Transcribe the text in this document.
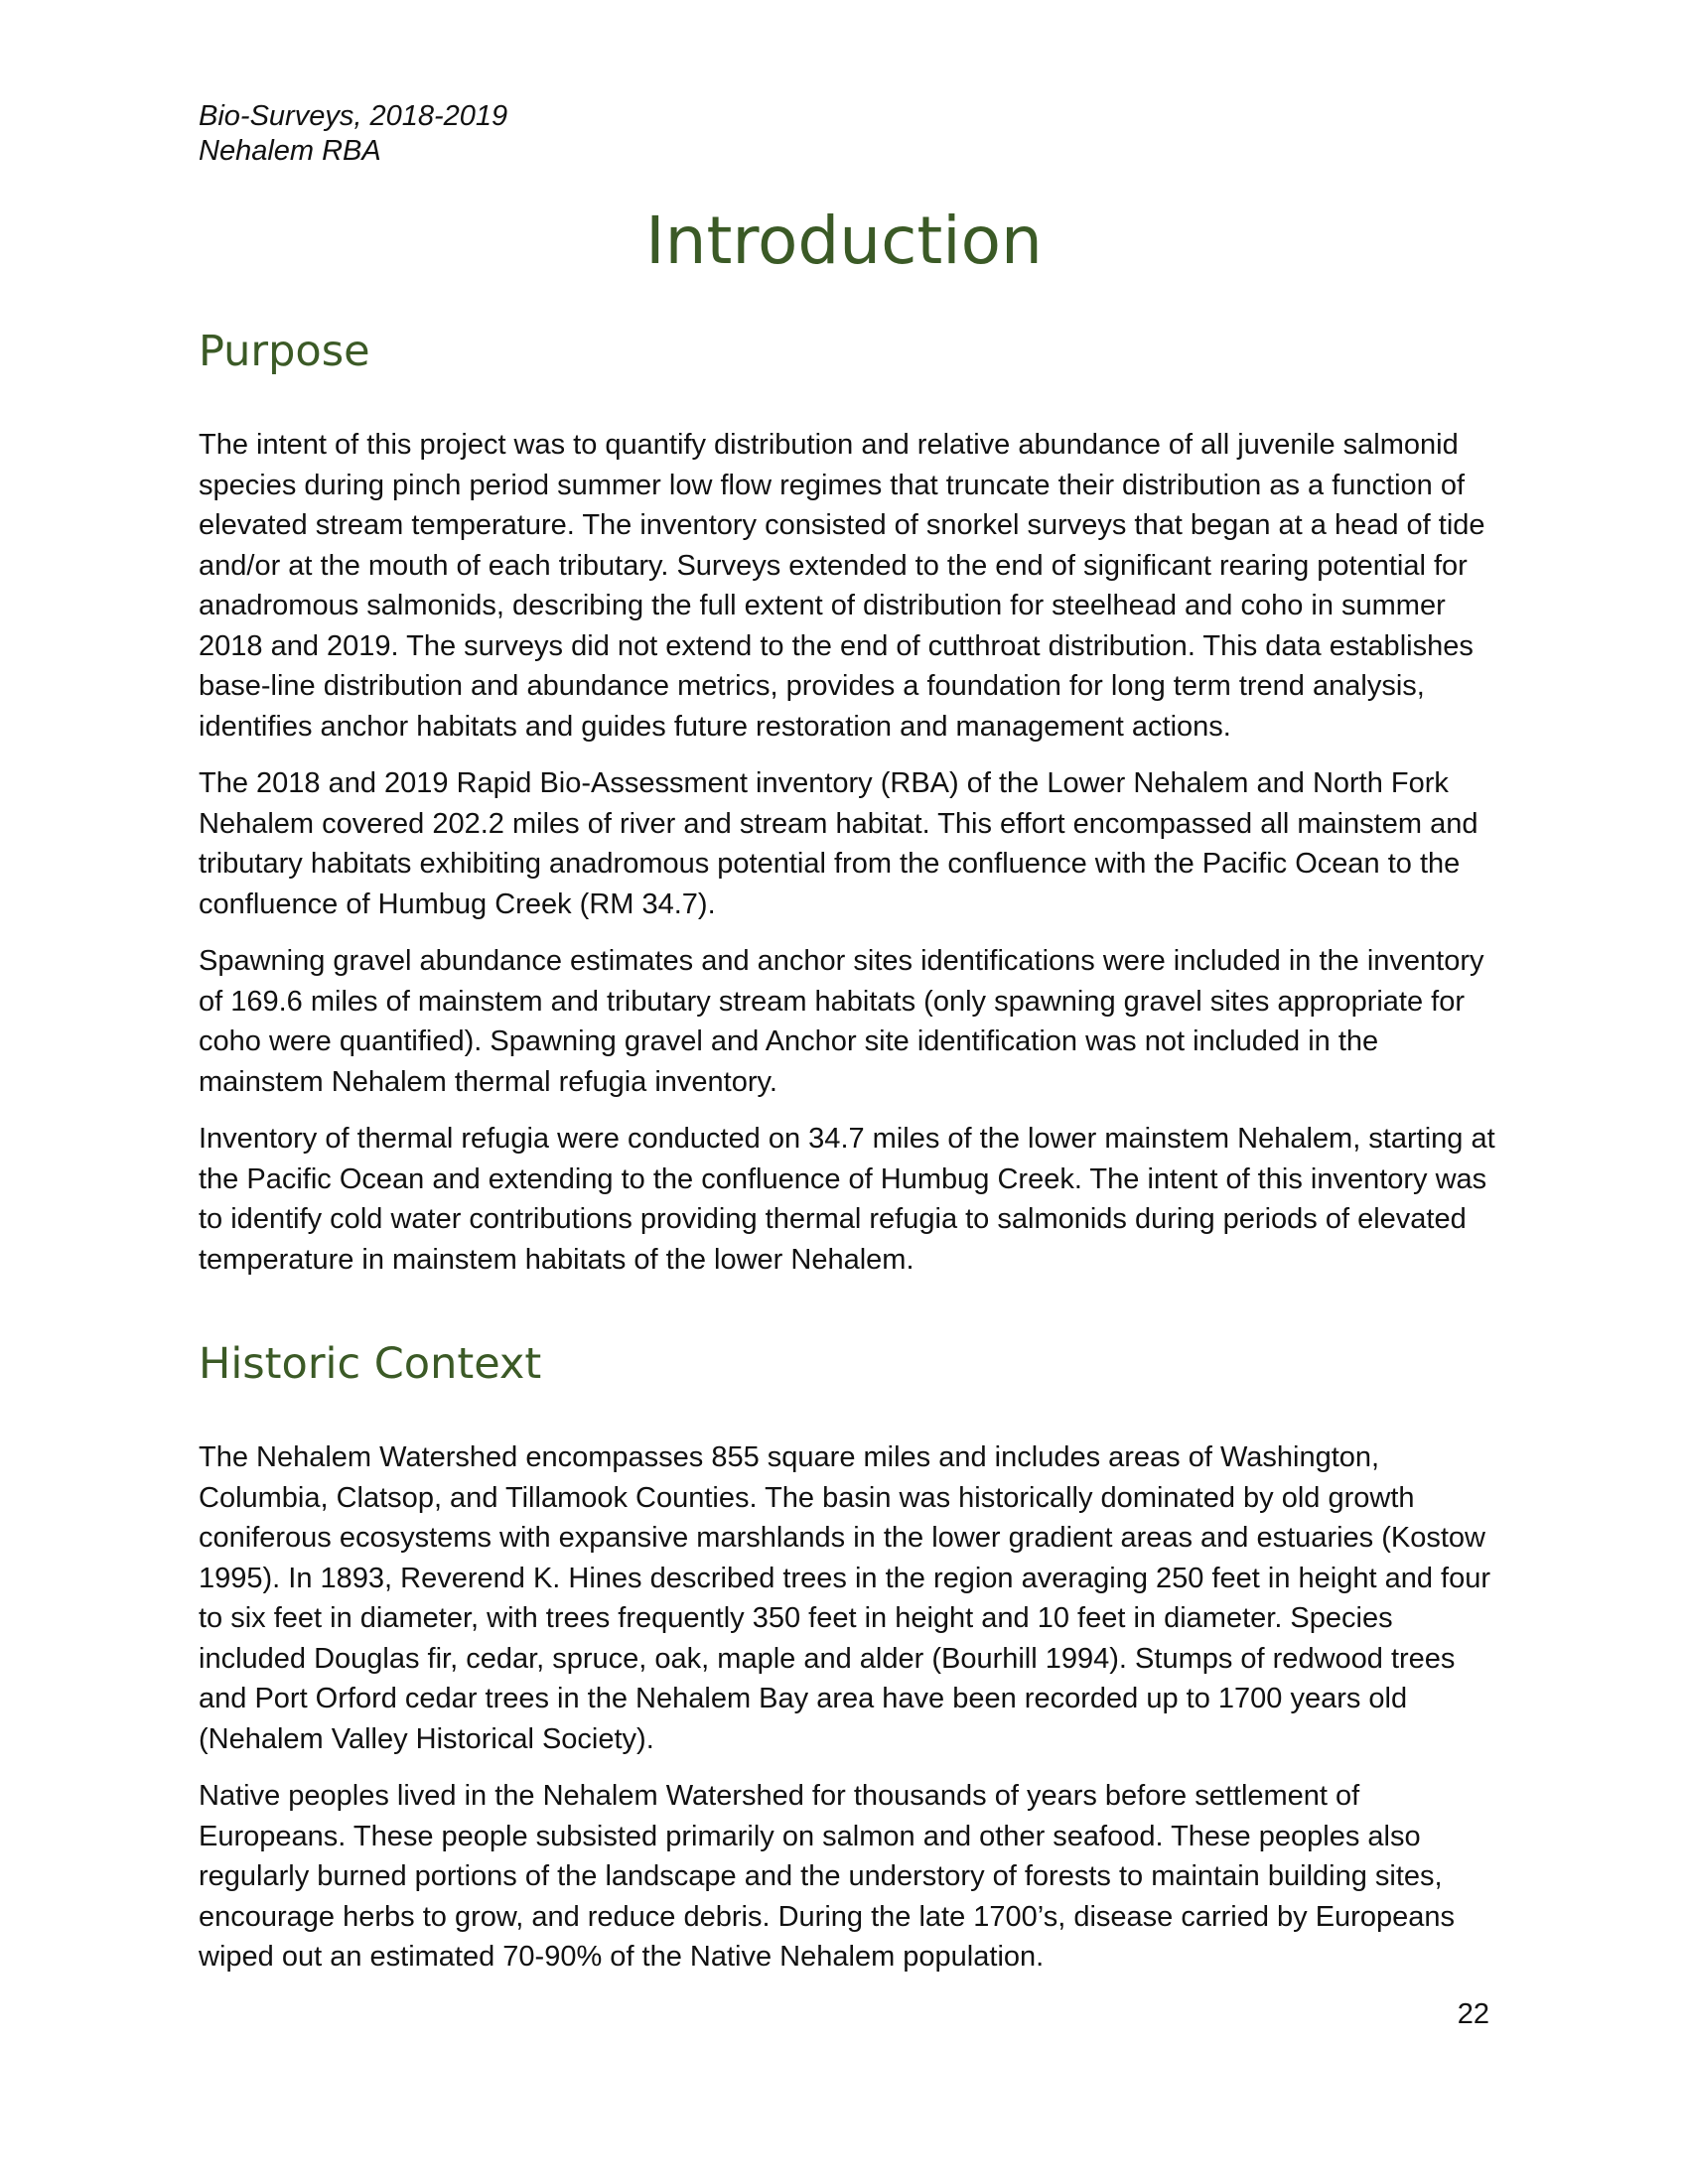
Bio-Surveys, 2018-2019
Nehalem RBA
Introduction
Purpose

The intent of this project was to quantify distribution and relative abundance of all juvenile salmonid species during pinch period summer low flow regimes that truncate their distribution as a function of elevated stream temperature. The inventory consisted of snorkel surveys that began at a head of tide and/or at the mouth of each tributary. Surveys extended to the end of significant rearing potential for anadromous salmonids, describing the full extent of distribution for steelhead and coho in summer 2018 and 2019. The surveys did not extend to the end of cutthroat distribution. This data establishes base-line distribution and abundance metrics, provides a foundation for long term trend analysis, identifies anchor habitats and guides future restoration and management actions.

The 2018 and 2019 Rapid Bio-Assessment inventory (RBA) of the Lower Nehalem and North Fork Nehalem covered 202.2 miles of river and stream habitat. This effort encompassed all mainstem and tributary habitats exhibiting anadromous potential from the confluence with the Pacific Ocean to the confluence of Humbug Creek (RM 34.7).

Spawning gravel abundance estimates and anchor sites identifications were included in the inventory of 169.6 miles of mainstem and tributary stream habitats (only spawning gravel sites appropriate for coho were quantified). Spawning gravel and Anchor site identification was not included in the mainstem Nehalem thermal refugia inventory.

Inventory of thermal refugia were conducted on 34.7 miles of the lower mainstem Nehalem, starting at the Pacific Ocean and extending to the confluence of Humbug Creek. The intent of this inventory was to identify cold water contributions providing thermal refugia to salmonids during periods of elevated temperature in mainstem habitats of the lower Nehalem.

Historic Context

The Nehalem Watershed encompasses 855 square miles and includes areas of Washington, Columbia, Clatsop, and Tillamook Counties. The basin was historically dominated by old growth coniferous ecosystems with expansive marshlands in the lower gradient areas and estuaries (Kostow 1995). In 1893, Reverend K. Hines described trees in the region averaging 250 feet in height and four to six feet in diameter, with trees frequently 350 feet in height and 10 feet in diameter. Species included Douglas fir, cedar, spruce, oak, maple and alder (Bourhill 1994). Stumps of redwood trees and Port Orford cedar trees in the Nehalem Bay area have been recorded up to 1700 years old (Nehalem Valley Historical Society).

Native peoples lived in the Nehalem Watershed for thousands of years before settlement of Europeans. These people subsisted primarily on salmon and other seafood. These peoples also regularly burned portions of the landscape and the understory of forests to maintain building sites, encourage herbs to grow, and reduce debris. During the late 1700’s, disease carried by Europeans wiped out an estimated 70-90% of the Native Nehalem population.

22
